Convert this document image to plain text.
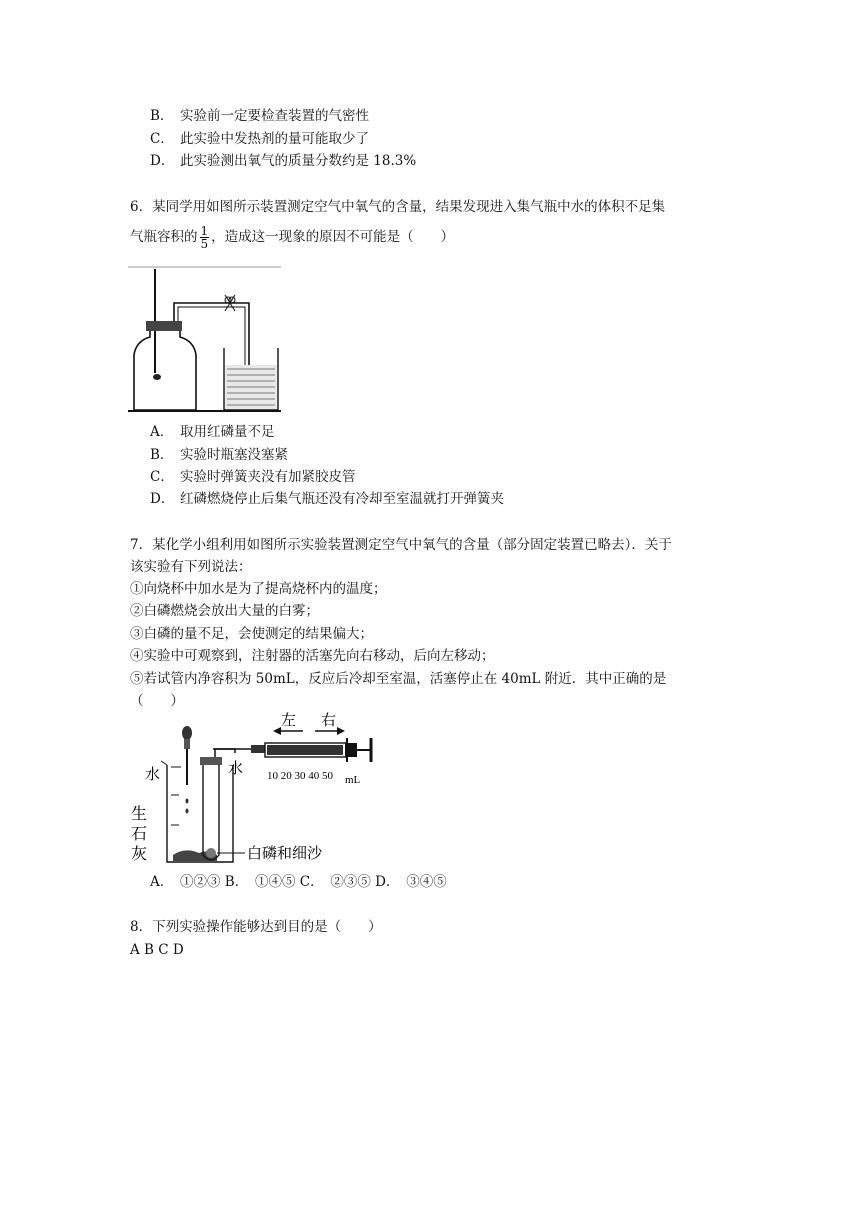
B． 实验前一定要检查装置的气密性
C． 此实验中发热剂的量可能取少了
D． 此实验测出氧气的质量分数约是 18.3%
6．某同学用如图所示装置测定空气中氧气的含量，结果发现进入集气瓶中水的体积不足集
气瓶容积的 $\frac{1}{5}$ ，造成这一现象的原因不可能是（　　）
A． 取用红磷量不足
B． 实验时瓶塞没塞紧
C． 实验时弹簧夹没有加紧胶皮管
D． 红磷燃烧停止后集气瓶还没有冷却至室温就打开弹簧夹
7．某化学小组利用如图所示实验装置测定空气中氧气的含量（部分固定装置已略去）．关于
该实验有下列说法：
①向烧杯中加水是为了提高烧杯内的温度；
②白磷燃烧会放出大量的白雾；
③白磷的量不足，会使测定的结果偏大；
④实验中可观察到，注射器的活塞先向右移动，后向左移动；
⑤若试管内净容积为 50mL，反应后冷却至室温，活塞停止在 40mL 附近．其中正确的是
（　　）
左 右
水	水 10 20 30 40 50 mL
生
石
灰	白磷和细沙
A．　①②③ B．　①④⑤ C．　②③⑤ D．　③④⑤
8．下列实验操作能够达到目的是（　　）
A B C D
